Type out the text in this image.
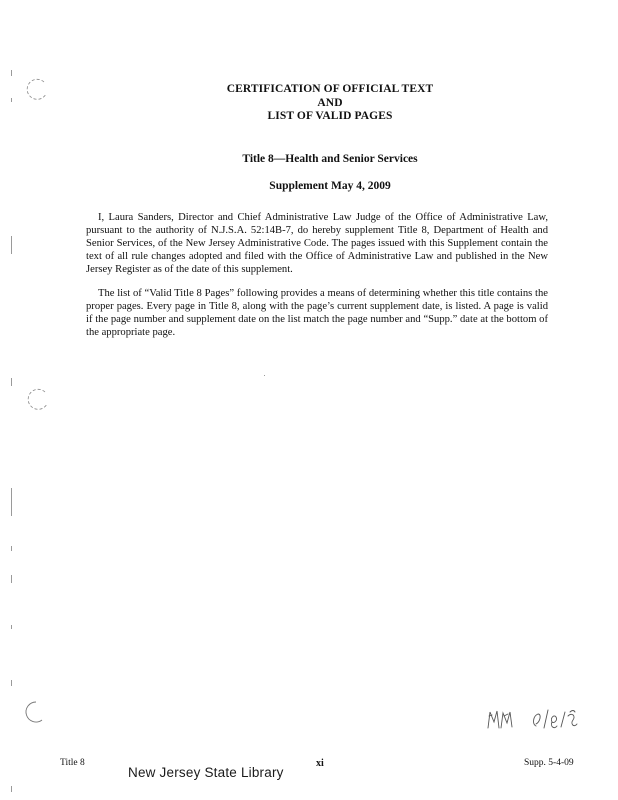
CERTIFICATION OF OFFICIAL TEXT
AND
LIST OF VALID PAGES
Title 8—Health and Senior Services
Supplement May 4, 2009

I, Laura Sanders, Director and Chief Administrative Law Judge of the Office of Administrative Law, pursuant to the authority of N.J.S.A. 52:14B-7, do hereby supplement Title 8, Department of Health and Senior Services, of the New Jersey Administrative Code. The pages issued with this Supplement contain the text of all rule changes adopted and filed with the Office of Administrative Law and published in the New Jersey Register as of the date of this supplement.

The list of “Valid Title 8 Pages” following provides a means of determining whether this title contains the proper pages. Every page in Title 8, along with the page’s current supplement date, is listed. A page is valid if the page number and supplement date on the list match the page number and “Supp.” date at the bottom of the appropriate page.

Title 8	xi	Supp. 5-4-09
New Jersey State Library
